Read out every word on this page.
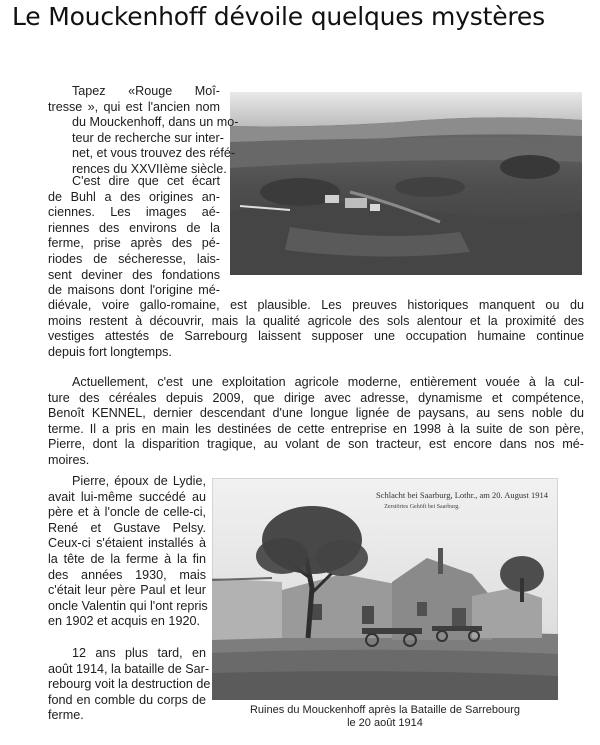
Le Mouckenhoff dévoile quelques mystères

Tapez «Rouge Moî-
tresse », qui est l'ancien nom
du Mouckenhoff, dans un mo-
teur de recherche sur inter-
net, et vous trouvez des réfé-
rences du XXVIIème siècle.

C'est dire que cet écart
de Buhl a des origines an-
ciennes. Les images aé-
riennes des environs de la
ferme, prise après des pé-
riodes de sécheresse, lais-
sent deviner des fondations
de maisons dont l'origine mé-

diévale, voire gallo-romaine, est plausible. Les preuves historiques manquent ou du
moins restent à découvrir, mais la qualité agricole des sols alentour et la proximité des
vestiges attestés de Sarrebourg laissent supposer une occupation humaine continue
depuis fort longtemps.

Actuellement, c'est une exploitation agricole moderne, entièrement vouée à la cul-
ture des céréales depuis 2009, que dirige avec adresse, dynamisme et compétence,
Benoît KENNEL, dernier descendant d'une longue lignée de paysans, au sens noble du
terme. Il a pris en main les destinées de cette entreprise en 1998 à la suite de son père,
Pierre, dont la disparition tragique, au volant de son tracteur, est encore dans nos mé-
moires.

Pierre, époux de Lydie,
avait lui-même succédé au
père et à l'oncle de celle-ci,
René et Gustave Pelsy.
Ceux-ci s'étaient installés à
la tête de la ferme à la fin
des années 1930, mais
c'était leur père Paul et leur
oncle Valentin qui l'ont repris
en 1902 et acquis en 1920.

12 ans plus tard, en
août 1914, la bataille de Sar-
rebourg voit la destruction de
fond en comble du corps de
ferme.

Schlacht bei Saarburg, Lothr., am 20. August 1914
Zerstörtes Gehöft bei Saarburg.
Ruines du Mouckenhoff après la Bataille de Sarrebourg
le 20 août 1914
